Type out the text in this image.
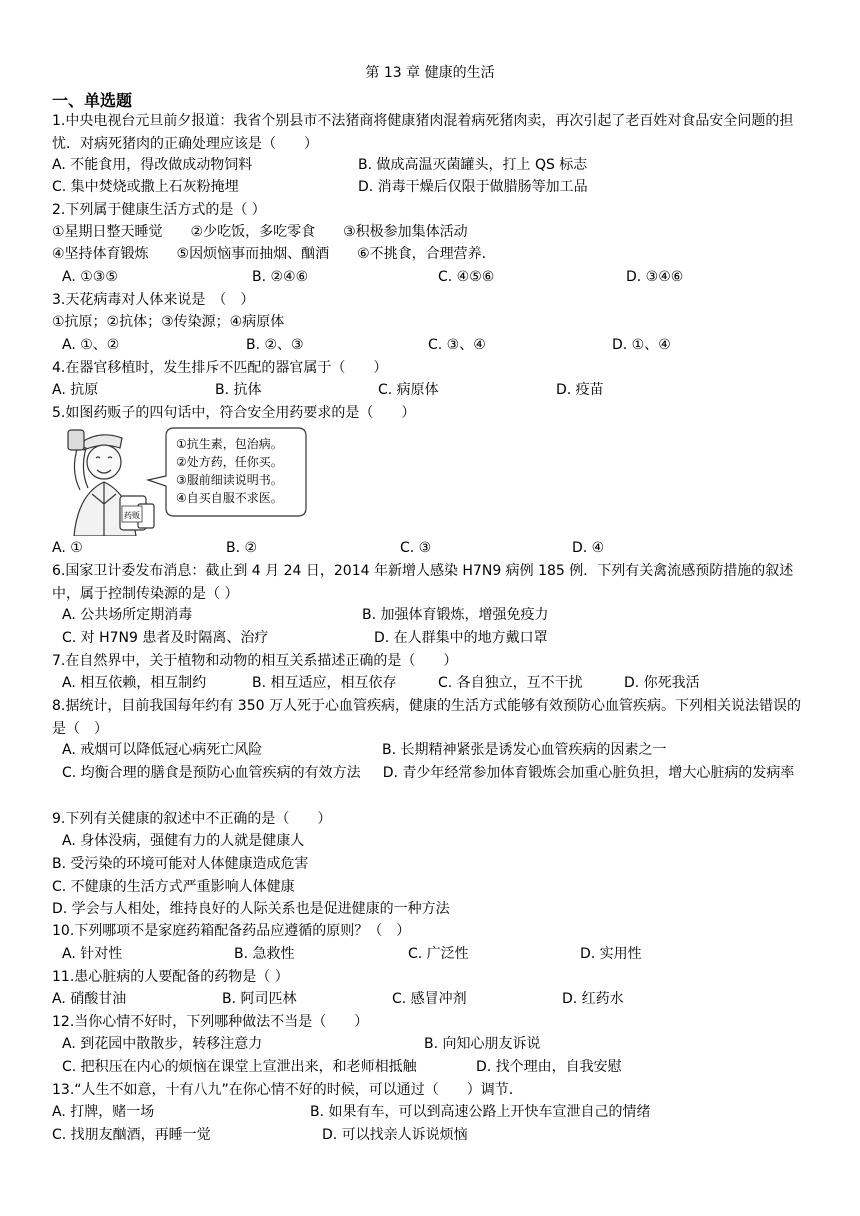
第 13 章 健康的生活
一、单选题
1.中央电视台元旦前夕报道：我省个别县市不法猪商将健康猪肉混着病死猪肉卖，再次引起了老百姓对食品安全问题的担忧．对病死猪肉的正确处理应该是（　　）
A. 不能食用，得改做成动物饲料	B. 做成高温灭菌罐头，打上 QS 标志
C. 集中焚烧或撒上石灰粉掩埋	D. 消毒干燥后仅限于做腊肠等加工品
2.下列属于健康生活方式的是（ ）
①星期日整天睡觉　　②少吃饭，多吃零食　　③积极参加集体活动
④坚持体育锻炼　　⑤因烦恼事而抽烟、酗酒　　⑥不挑食，合理营养.
A. ①③⑤	B. ②④⑥	C. ④⑤⑥	D. ③④⑥
3.天花病毒对人体来说是　（　）
①抗原；②抗体；③传染源；④病原体
A. ①、②	B. ②、③	C. ③、④	D. ①、④
4.在器官移植时，发生排斥不匹配的器官属于（　　）
A. 抗原	B. 抗体	C. 病原体	D. 疫苗
5.如图药贩子的四句话中，符合安全用药要求的是（　　）
药贩
①抗生素，包治病。
②处方药，任你买。
③服前细读说明书。
④自买自服不求医。
A. ①	B. ②	C. ③	D. ④
6.国家卫计委发布消息：截止到 4 月 24 日，2014 年新增人感染 H7N9 病例 185 例．下列有关禽流感预防措施的叙述中，属于控制传染源的是（ ）
A. 公共场所定期消毒	B. 加强体育锻炼，增强免疫力
C. 对 H7N9 患者及时隔离、治疗	D. 在人群集中的地方戴口罩
7.在自然界中，关于植物和动物的相互关系描述正确的是（　　）
A. 相互依赖，相互制约	B. 相互适应，相互依存	C. 各自独立，互不干扰	D. 你死我活
8.据统计，目前我国每年约有 350 万人死于心血管疾病，健康的生活方式能够有效预防心血管疾病。下列相关说法错误的是（　）
A. 戒烟可以降低冠心病死亡风险	B. 长期精神紧张是诱发心血管疾病的因素之一
C. 均衡合理的膳食是预防心血管疾病的有效方法 D. 青少年经常参加体育锻炼会加重心脏负担，增大心脏病的发病率
9.下列有关健康的叙述中不正确的是（　　）
A. 身体没病，强健有力的人就是健康人
B. 受污染的环境可能对人体健康造成危害
C. 不健康的生活方式严重影响人体健康
D. 学会与人相处，维持良好的人际关系也是促进健康的一种方法
10.下列哪项不是家庭药箱配备药品应遵循的原则？（　）
A. 针对性	B. 急救性	C. 广泛性	D. 实用性
11.患心脏病的人要配备的药物是（ ）
A. 硝酸甘油	B. 阿司匹林	C. 感冒冲剂	D. 红药水
12.当你心情不好时，下列哪种做法不当是（　　）
A. 到花园中散散步，转移注意力	B. 向知心朋友诉说
C. 把积压在内心的烦恼在课堂上宣泄出来，和老师相抵触	D. 找个理由，自我安慰
13.“人生不如意，十有八九”在你心情不好的时候，可以通过（　　）调节．
A. 打牌，赌一场	B. 如果有车，可以到高速公路上开快车宣泄自己的情绪
C. 找朋友酗酒，再睡一觉	D. 可以找亲人诉说烦恼
